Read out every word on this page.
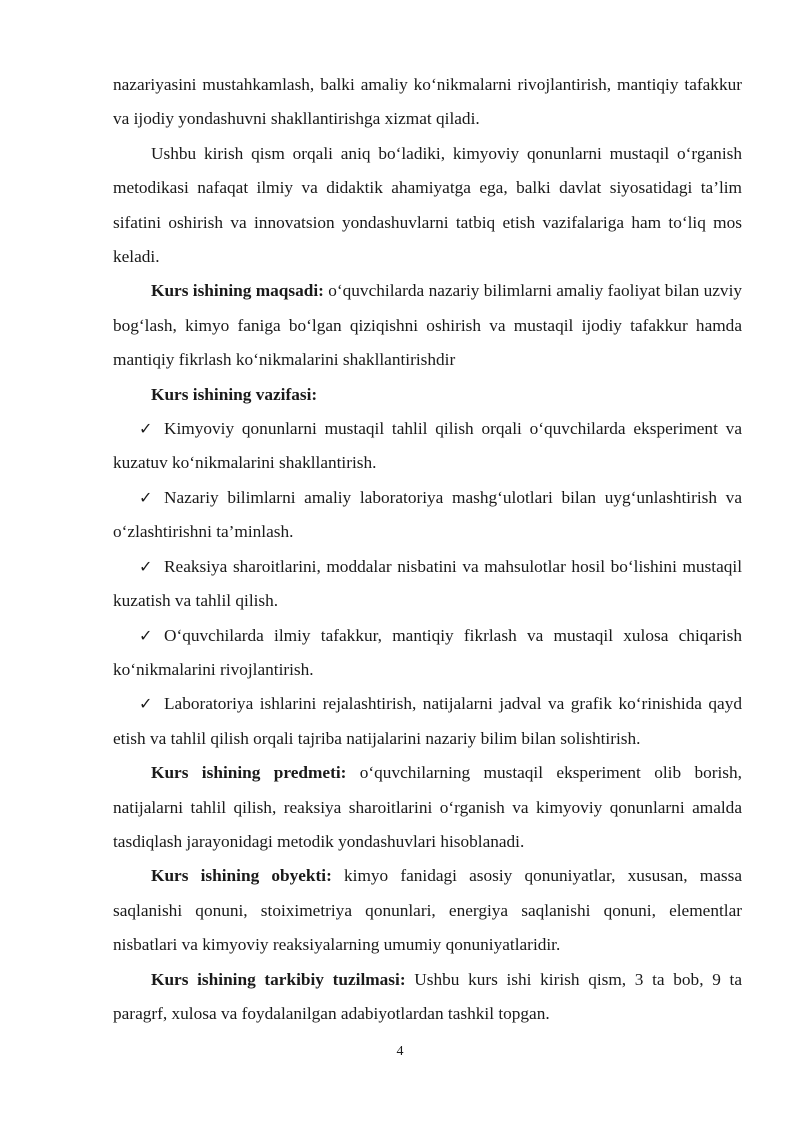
nazariyasini mustahkamlash, balki amaliy ko‘nikmalarni rivojlantirish, mantiqiy tafakkur va ijodiy yondashuvni shakllantirishga xizmat qiladi.

Ushbu kirish qism orqali aniq bo‘ladiki, kimyoviy qonunlarni mustaqil o‘rganish metodikasi nafaqat ilmiy va didaktik ahamiyatga ega, balki davlat siyosatidagi ta’lim sifatini oshirish va innovatsion yondashuvlarni tatbiq etish vazifalariga ham to‘liq mos keladi.

Kurs ishining maqsadi: o‘quvchilarda nazariy bilimlarni amaliy faoliyat bilan uzviy bog‘lash, kimyo faniga bo‘lgan qiziqishni oshirish va mustaqil ijodiy tafakkur hamda mantiqiy fikrlash ko‘nikmalarini shakllantirishdir

Kurs ishining vazifasi:

✓ Kimyoviy qonunlarni mustaqil tahlil qilish orqali o‘quvchilarda eksperiment va kuzatuv ko‘nikmalarini shakllantirish.

✓ Nazariy bilimlarni amaliy laboratoriya mashg‘ulotlari bilan uyg‘unlashtirish va o‘zlashtirishni ta’minlash.

✓ Reaksiya sharoitlarini, moddalar nisbatini va mahsulotlar hosil bo‘lishini mustaqil kuzatish va tahlil qilish.

✓ O‘quvchilarda ilmiy tafakkur, mantiqiy fikrlash va mustaqil xulosa chiqarish ko‘nikmalarini rivojlantirish.

✓ Laboratoriya ishlarini rejalashtirish, natijalarni jadval va grafik ko‘rinishida qayd etish va tahlil qilish orqali tajriba natijalarini nazariy bilim bilan solishtirish.

Kurs ishining predmeti: o‘quvchilarning mustaqil eksperiment olib borish, natijalarni tahlil qilish, reaksiya sharoitlarini o‘rganish va kimyoviy qonunlarni amalda tasdiqlash jarayonidagi metodik yondashuvlari hisoblanadi.

Kurs ishining obyekti: kimyo fanidagi asosiy qonuniyatlar, xususan, massa saqlanishi qonuni, stoiximetriya qonunlari, energiya saqlanishi qonuni, elementlar nisbatlari va kimyoviy reaksiyalarning umumiy qonuniyatlaridir.

Kurs ishining tarkibiy tuzilmasi: Ushbu kurs ishi kirish qism, 3 ta bob, 9 ta paragrf, xulosa va foydalanilgan adabiyotlardan tashkil topgan.

4
